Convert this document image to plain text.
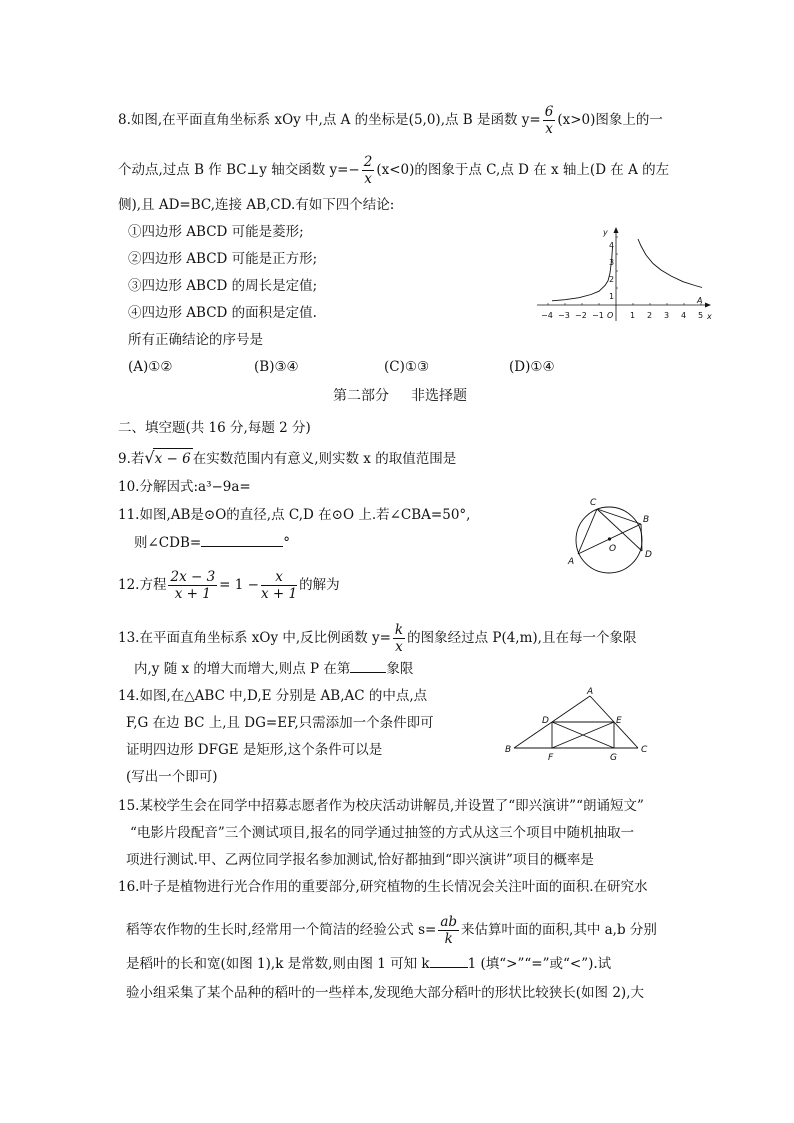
8.如图,在平面直角坐标系 xOy 中,点 A 的坐标是(5,0),点 B 是函数 $y= \frac{6}{x} (x>0)$图象上的一
个动点,过点 B 作 BC⊥y 轴交函数 $y=- \frac{2}{x} (x<0)$的图象于点 C,点 D 在 x 轴上(D 在 A 的左
侧),且 AD=BC,连接 AB,CD.有如下四个结论:
①四边形 ABCD 可能是菱形;
②四边形 ABCD 可能是正方形;
③四边形 ABCD 的周长是定值;
④四边形 ABCD 的面积是定值.
所有正确结论的序号是
(A)①②	(B)③④	(C)①③	(D)①④
−4 −3 −2 −1 O 1 2 3 4 5
4
3
2
1
x
y
A
第二部分 非选择题
二、填空题(共 16 分,每题 2 分)
9.若√x − 6 在实数范围内有意义,则实数 x 的取值范围是
10.分解因式:a³−9a=
11.如图,AB是⊙O的直径,点 C,D 在⊙O 上.若∠CBA=50°,
则∠CDB=	°
C
B
O
D
A
12.方程 $\frac{2x - 3}{x + 1} = 1 - \frac{x}{x + 1}$ 的解为
13.在平面直角坐标系 xOy 中,反比例函数 $y= \frac{k}{x}$ 的图象经过点 P(4,m),且在每一个象限
内,y 随 x 的增大而增大,则点 P 在第	象限
14.如图,在△ABC 中,D,E 分别是 AB,AC 的中点,点
F,G 在边 BC 上,且 DG=EF,只需添加一个条件即可
证明四边形 DFGE 是矩形,这个条件可以是
(写出一个即可)
A
D	E
B
F	G
C
15.某校学生会在同学中招募志愿者作为校庆活动讲解员,并设置了“即兴演讲”“朗诵短文”
“电影片段配音”三个测试项目,报名的同学通过抽签的方式从这三个项目中随机抽取一
项进行测试.甲、乙两位同学报名参加测试,恰好都抽到“即兴演讲”项目的概率是
16.叶子是植物进行光合作用的重要部分,研究植物的生长情况会关注叶面的面积.在研究水
稻等农作物的生长时,经常用一个简洁的经验公式 $s= \frac{ab}{k}$ 来估算叶面的面积,其中 a,b 分别
是稻叶的长和宽(如图 1),k 是常数,则由图 1 可知 k	1 (填“>”“=”或“<”).试
验小组采集了某个品种的稻叶的一些样本,发现绝大部分稻叶的形状比较狭长(如图 2),大
